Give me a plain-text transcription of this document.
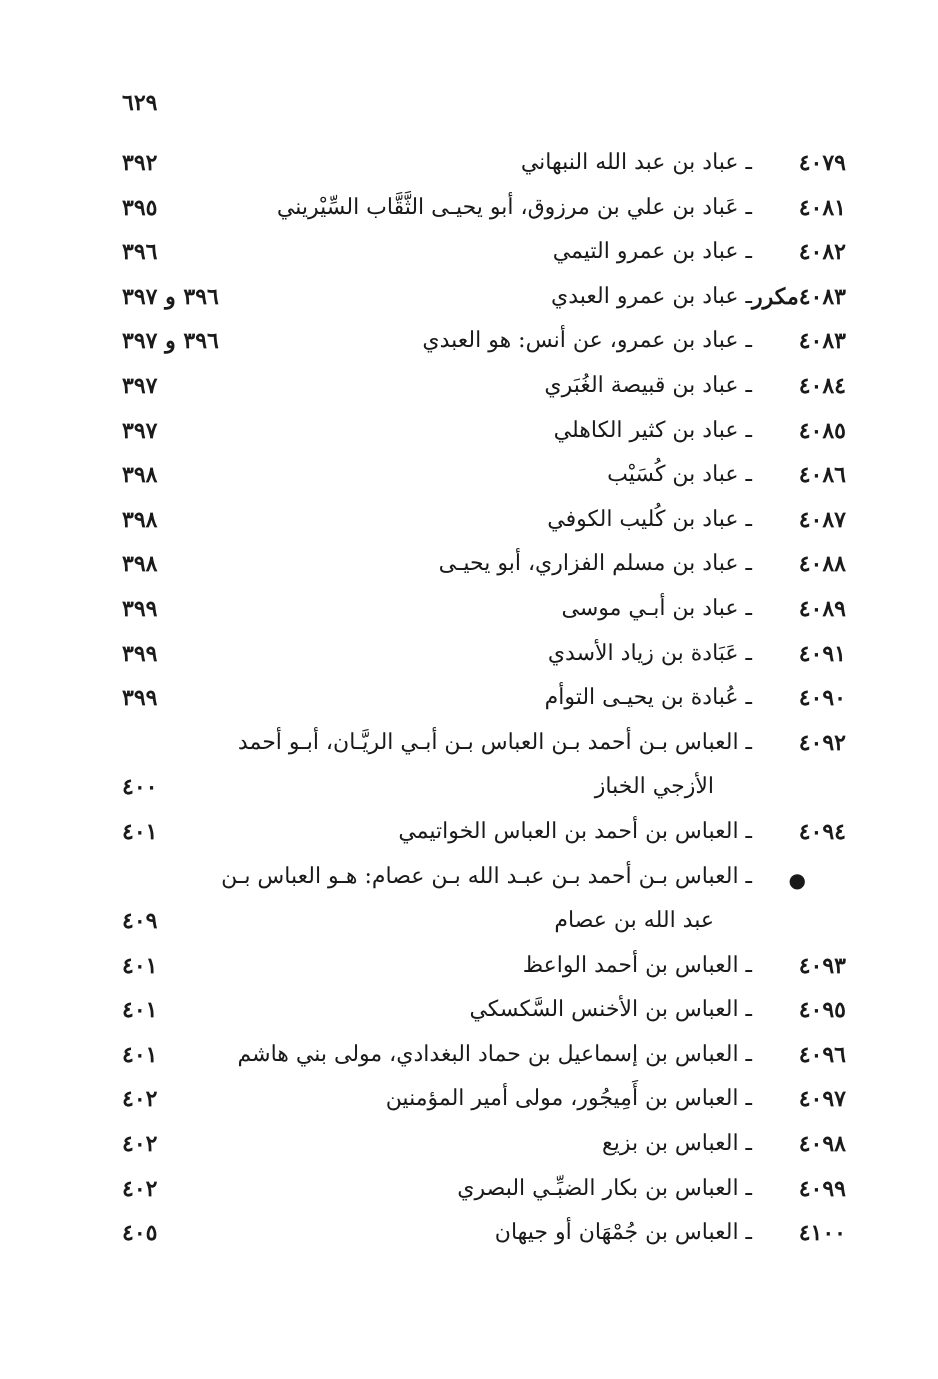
٦٢٩
٤٠٧٩
ـ عباد بن عبد الله النبهاني
٣٩٢
٤٠٨١
ـ عَباد بن علي بن مرزوق، أبو يحيـى الثَّقَّاب السِّيْريني
٣٩٥
٤٠٨٢
ـ عباد بن عمرو التيمي
٣٩٦
٤٠٨٣مكرر
ـ عباد بن عمرو العبدي
٣٩٦ و ٣٩٧
٤٠٨٣
ـ عباد بن عمرو، عن أنس: هو العبدي
٣٩٦ و ٣٩٧
٤٠٨٤
ـ عباد بن قبيصة الغُبَري
٣٩٧
٤٠٨٥
ـ عباد بن كثير الكاهلي
٣٩٧
٤٠٨٦
ـ عباد بن كُسَيْب
٣٩٨
٤٠٨٧
ـ عباد بن كُليب الكوفي
٣٩٨
٤٠٨٨
ـ عباد بن مسلم الفزاري، أبو يحيـى
٣٩٨
٤٠٨٩
ـ عباد بن أبـي موسى
٣٩٩
٤٠٩١
ـ عَبَادة بن زياد الأسدي
٣٩٩
٤٠٩٠
ـ عُبادة بن يحيـى التوأم
٣٩٩
٤٠٩٢
ـ العباس بـن أحمد بـن العباس بـن أبـي الريَّـان، أبـو أحمد
الأزجي الخباز
٤٠٠
٤٠٩٤
ـ العباس بن أحمد بن العباس الخواتيمي
٤٠١
●
ـ العباس بـن أحمد بـن عبـد الله بـن عصام: هـو العباس بـن
عبد الله بن عصام
٤٠٩
٤٠٩٣
ـ العباس بن أحمد الواعظ
٤٠١
٤٠٩٥
ـ العباس بن الأخنس السَّكسكي
٤٠١
٤٠٩٦
ـ العباس بن إسماعيل بن حماد البغدادي، مولى بني هاشم
٤٠١
٤٠٩٧
ـ العباس بن أَمِيجُور، مولى أمير المؤمنين
٤٠٢
٤٠٩٨
ـ العباس بن بزيع
٤٠٢
٤٠٩٩
ـ العباس بن بكار الضبِّـي البصري
٤٠٢
٤١٠٠
ـ العباس بن جُمْهَان أو جيهان
٤٠٥
